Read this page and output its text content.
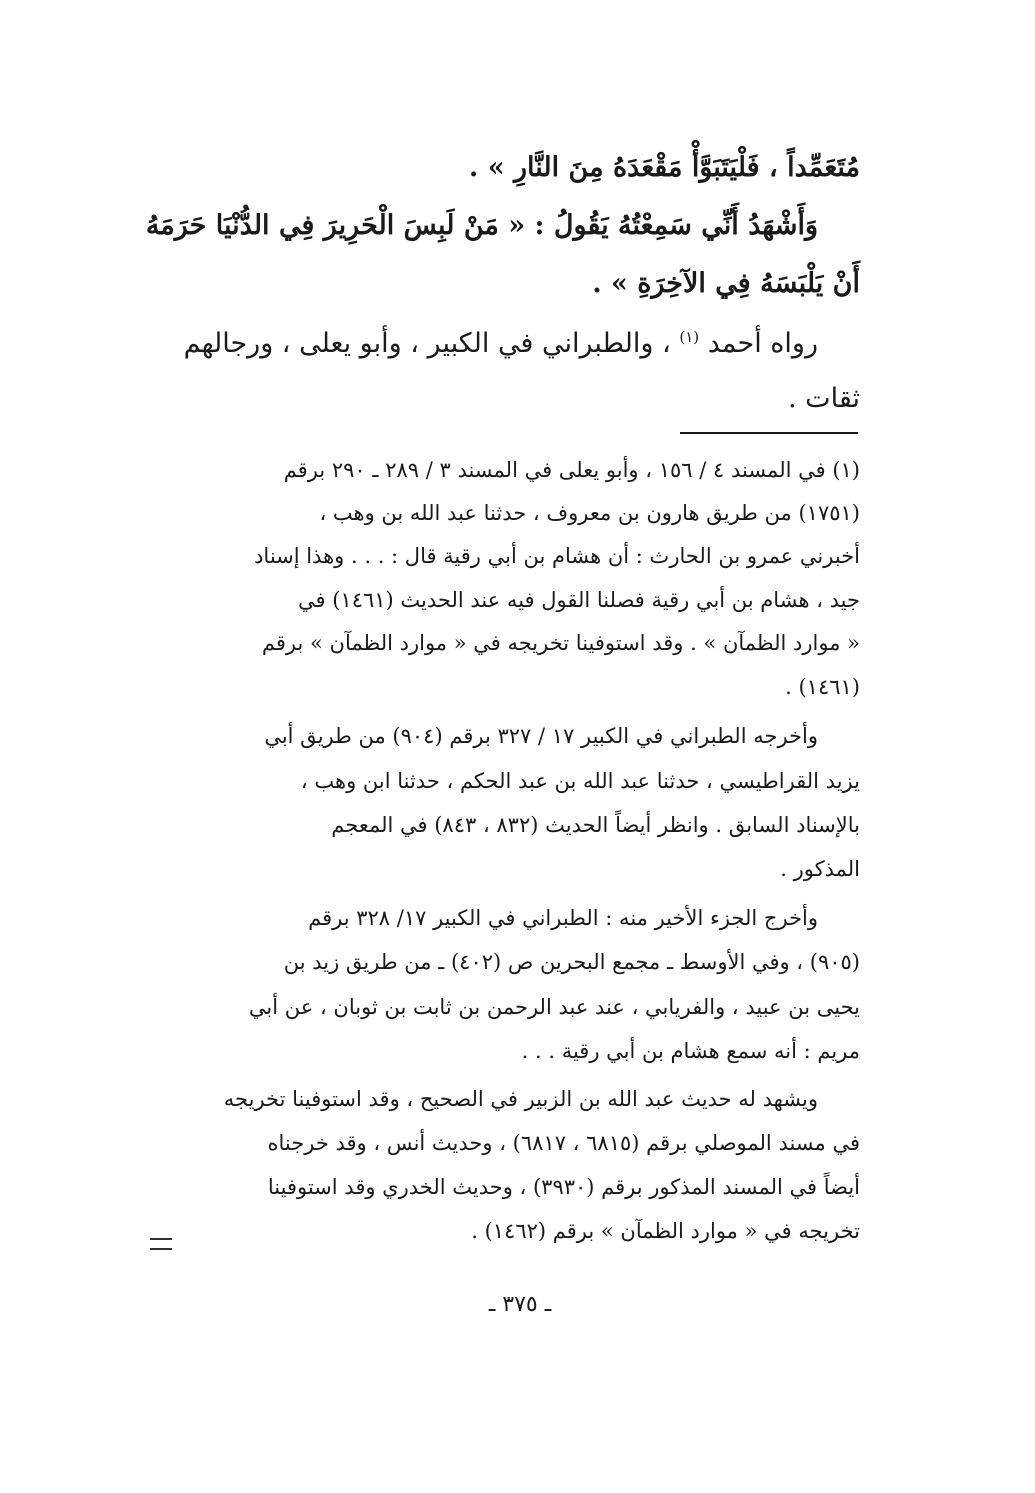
مُتَعَمِّداً ، فَلْيَتَبَوَّأْ مَقْعَدَهُ مِنَ النَّارِ » .
وَأَشْهَدُ أَنِّي سَمِعْتُهُ يَقُولُ : « مَنْ لَبِسَ الْحَرِيرَ فِي الدُّنْيَا حَرَمَهُ
أَنْ يَلْبَسَهُ فِي الآخِرَةِ » .
رواه أحمد $^{(١)}$ ، والطبراني في الكبير ، وأبو يعلى ، ورجالهم
ثقات .
(١) في المسند ٤ / ١٥٦ ، وأبو يعلى في المسند ٣ / ٢٨٩ ـ ٢٩٠ برقم
(١٧٥١) من طريق هارون بن معروف ، حدثنا عبد الله بن وهب ،
أخبرني عمرو بن الحارث : أن هشام بن أبي رقية قال : . . . وهذا إسناد
جيد ، هشام بن أبي رقية فصلنا القول فيه عند الحديث (١٤٦١) في
« موارد الظمآن » . وقد استوفينا تخريجه في « موارد الظمآن » برقم
(١٤٦١) .
وأخرجه الطبراني في الكبير ١٧ / ٣٢٧ برقم (٩٠٤) من طريق أبي
يزيد القراطيسي ، حدثنا عبد الله بن عبد الحكم ، حدثنا ابن وهب ،
بالإسناد السابق . وانظر أيضاً الحديث (٨٣٢ ، ٨٤٣) في المعجم
المذكور .
وأخرج الجزء الأخير منه : الطبراني في الكبير ١٧/ ٣٢٨ برقم
(٩٠٥) ، وفي الأوسط ـ مجمع البحرين ص (٤٠٢) ـ من طريق زيد بن
يحيى بن عبيد ، والفريابي ، عند عبد الرحمن بن ثابت بن ثوبان ، عن أبي
مريم : أنه سمع هشام بن أبي رقية . . .
ويشهد له حديث عبد الله بن الزبير في الصحيح ، وقد استوفينا تخريجه
في مسند الموصلي برقم (٦٨١٥ ، ٦٨١٧) ، وحديث أنس ، وقد خرجناه
أيضاً في المسند المذكور برقم (٣٩٣٠) ، وحديث الخدري وقد استوفينا
تخريجه في « موارد الظمآن » برقم (١٤٦٢) .
ـ ٣٧٥ ـ
